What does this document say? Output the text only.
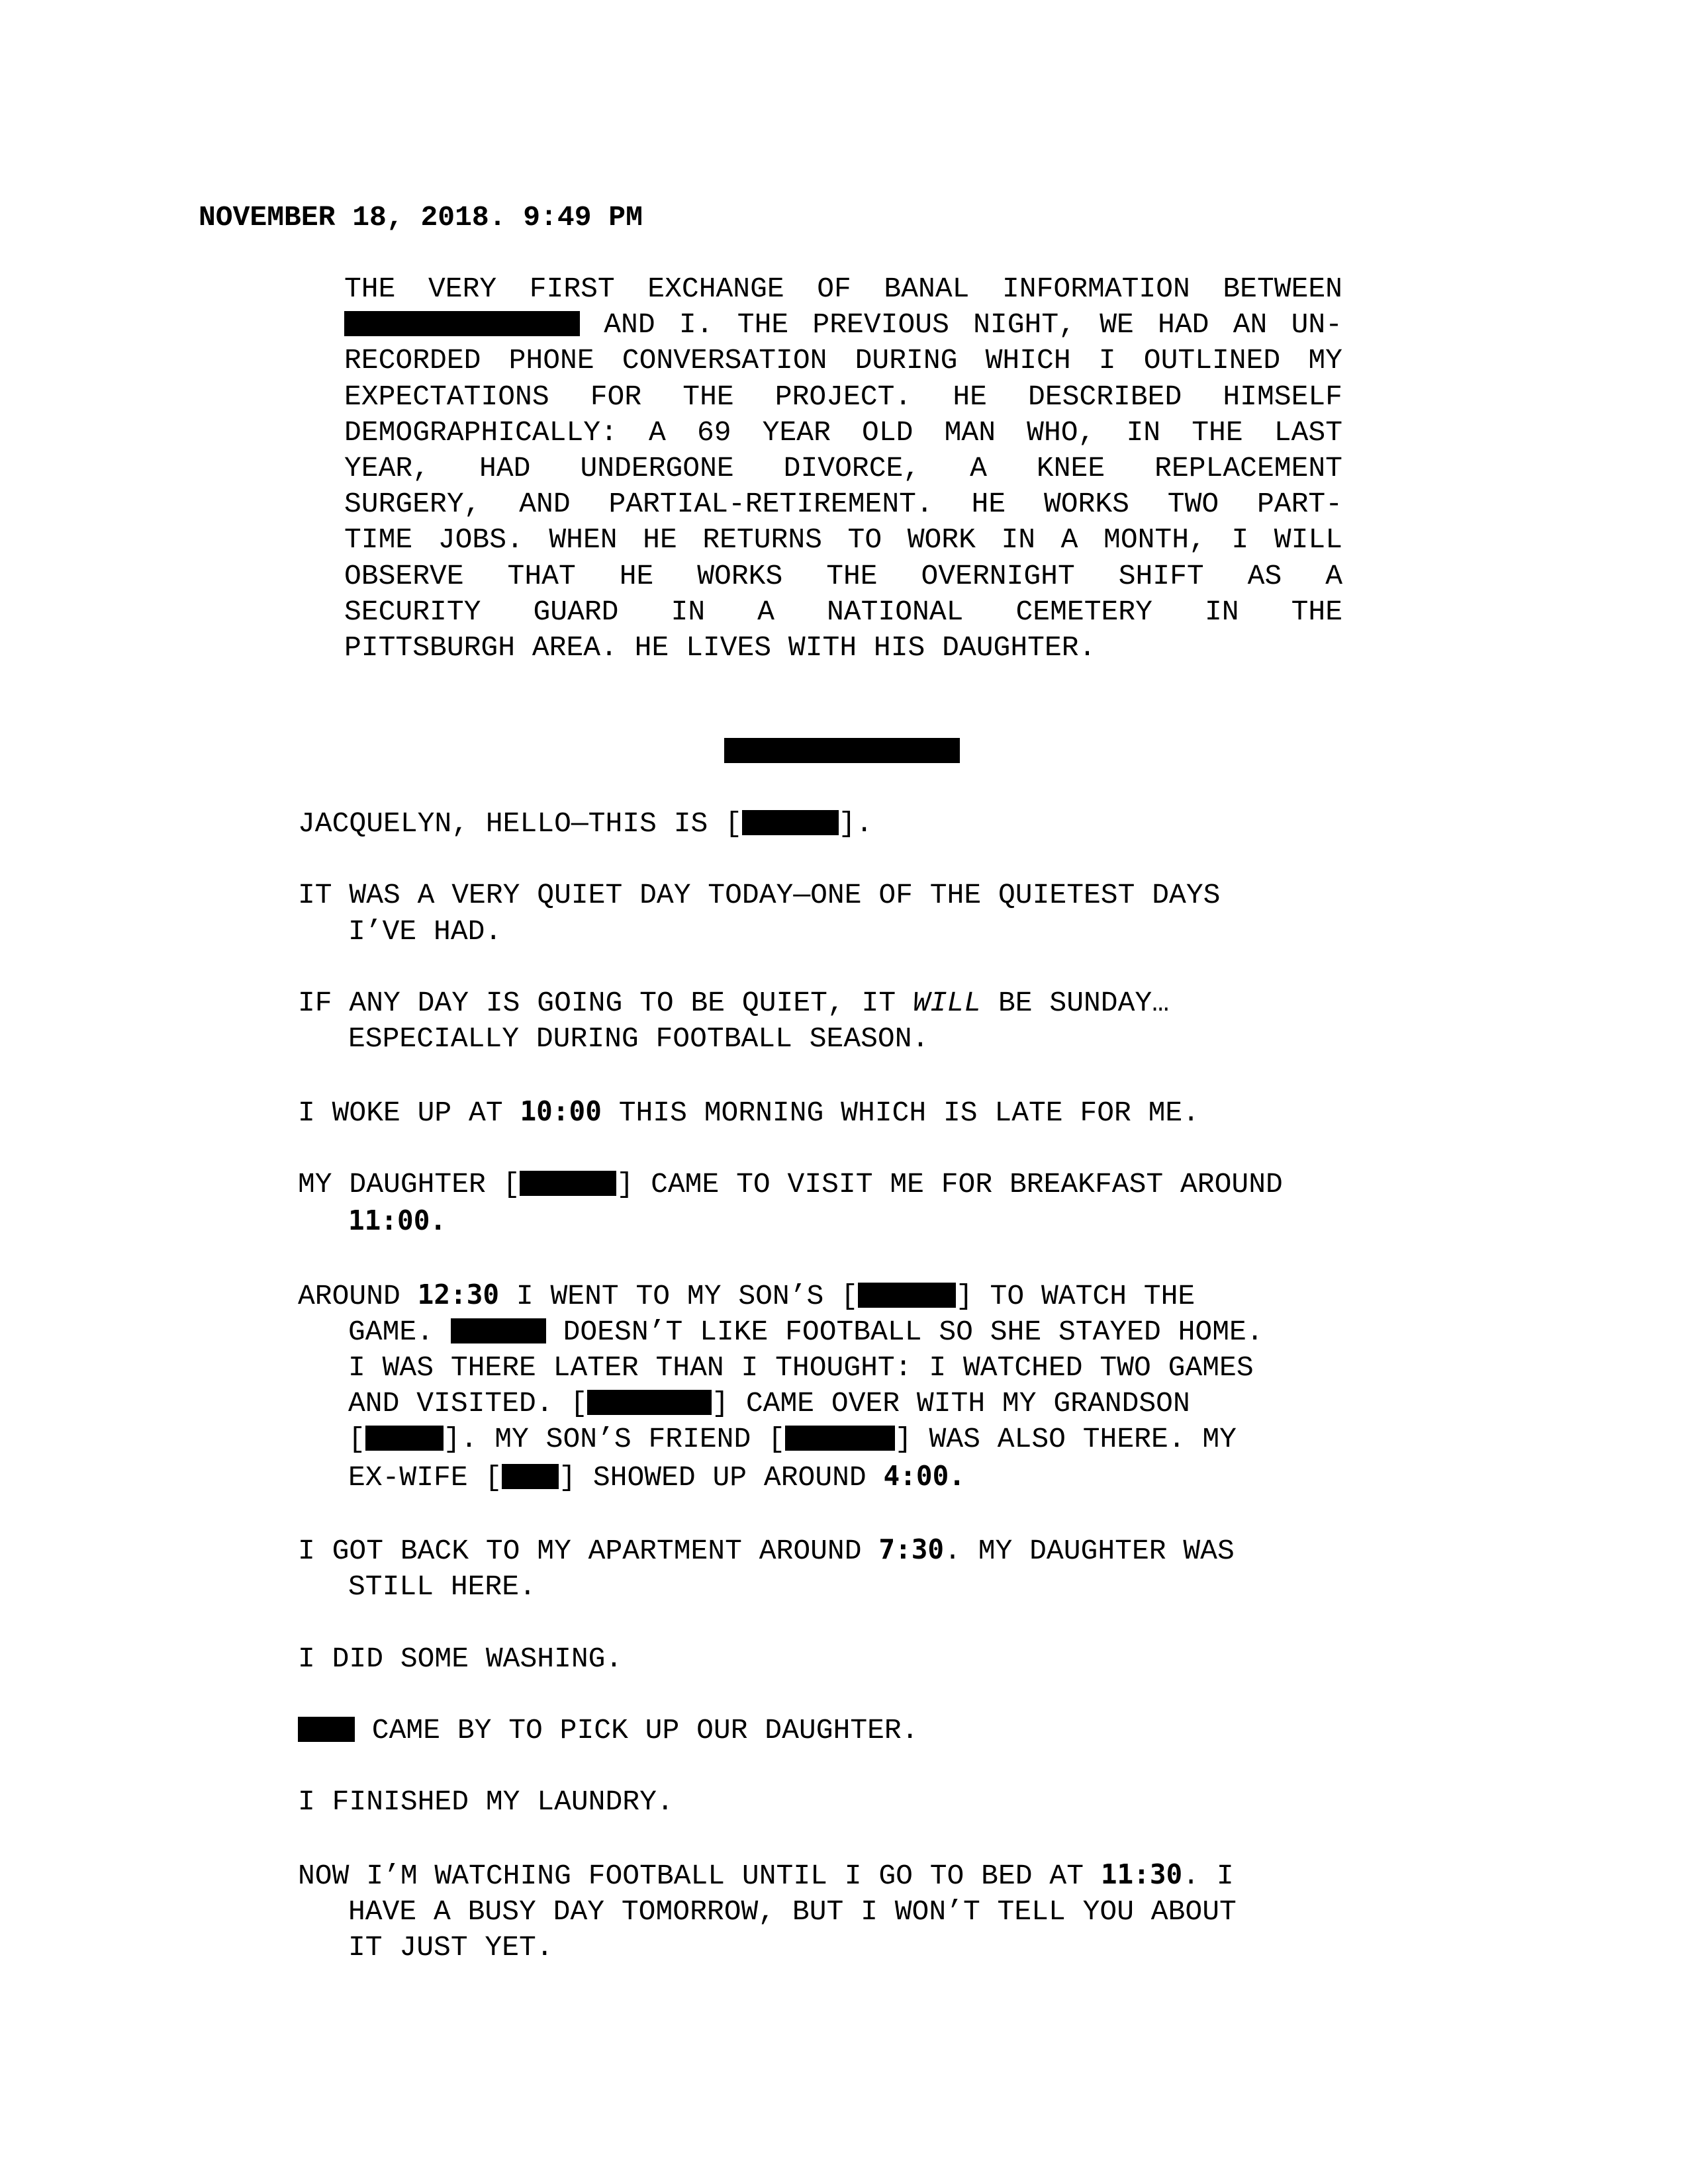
NOVEMBER 18, 2018. 9:49 PM
THE VERY FIRST EXCHANGE OF BANAL INFORMATION BETWEEN
AND I. THE PREVIOUS NIGHT, WE HAD AN UN-
RECORDED PHONE CONVERSATION DURING WHICH I OUTLINED MY
EXPECTATIONS FOR THE PROJECT. HE DESCRIBED HIMSELF
DEMOGRAPHICALLY: A 69 YEAR OLD MAN WHO, IN THE LAST
YEAR, HAD UNDERGONE DIVORCE, A KNEE REPLACEMENT
SURGERY, AND PARTIAL-RETIREMENT. HE WORKS TWO PART-
TIME JOBS. WHEN HE RETURNS TO WORK IN A MONTH, I WILL
OBSERVE THAT HE WORKS THE OVERNIGHT SHIFT AS A
SECURITY GUARD IN A NATIONAL CEMETERY IN THE
PITTSBURGH AREA. HE LIVES WITH HIS DAUGHTER.
JACQUELYN, HELLO—THIS IS [	].
IT WAS A VERY QUIET DAY TODAY—ONE OF THE QUIETEST DAYS
I’VE HAD.
IF ANY DAY IS GOING TO BE QUIET, IT WILL BE SUNDAY…
ESPECIALLY DURING FOOTBALL SEASON.
I WOKE UP AT 10:00 THIS MORNING WHICH IS LATE FOR ME.
MY DAUGHTER [	] CAME TO VISIT ME FOR BREAKFAST AROUND
11:00.
AROUND 12:30 I WENT TO MY SON’S [	] TO WATCH THE
GAME.	DOESN’T LIKE FOOTBALL SO SHE STAYED HOME.
I WAS THERE LATER THAN I THOUGHT: I WATCHED TWO GAMES
AND VISITED. [	] CAME OVER WITH MY GRANDSON
[	]. MY SON’S FRIEND [	] WAS ALSO THERE. MY
EX-WIFE [ ] SHOWED UP AROUND 4:00.
I GOT BACK TO MY APARTMENT AROUND 7:30. MY DAUGHTER WAS
STILL HERE.
I DID SOME WASHING.
CAME BY TO PICK UP OUR DAUGHTER.
I FINISHED MY LAUNDRY.
NOW I’M WATCHING FOOTBALL UNTIL I GO TO BED AT 11:30. I
HAVE A BUSY DAY TOMORROW, BUT I WON’T TELL YOU ABOUT
IT JUST YET.
